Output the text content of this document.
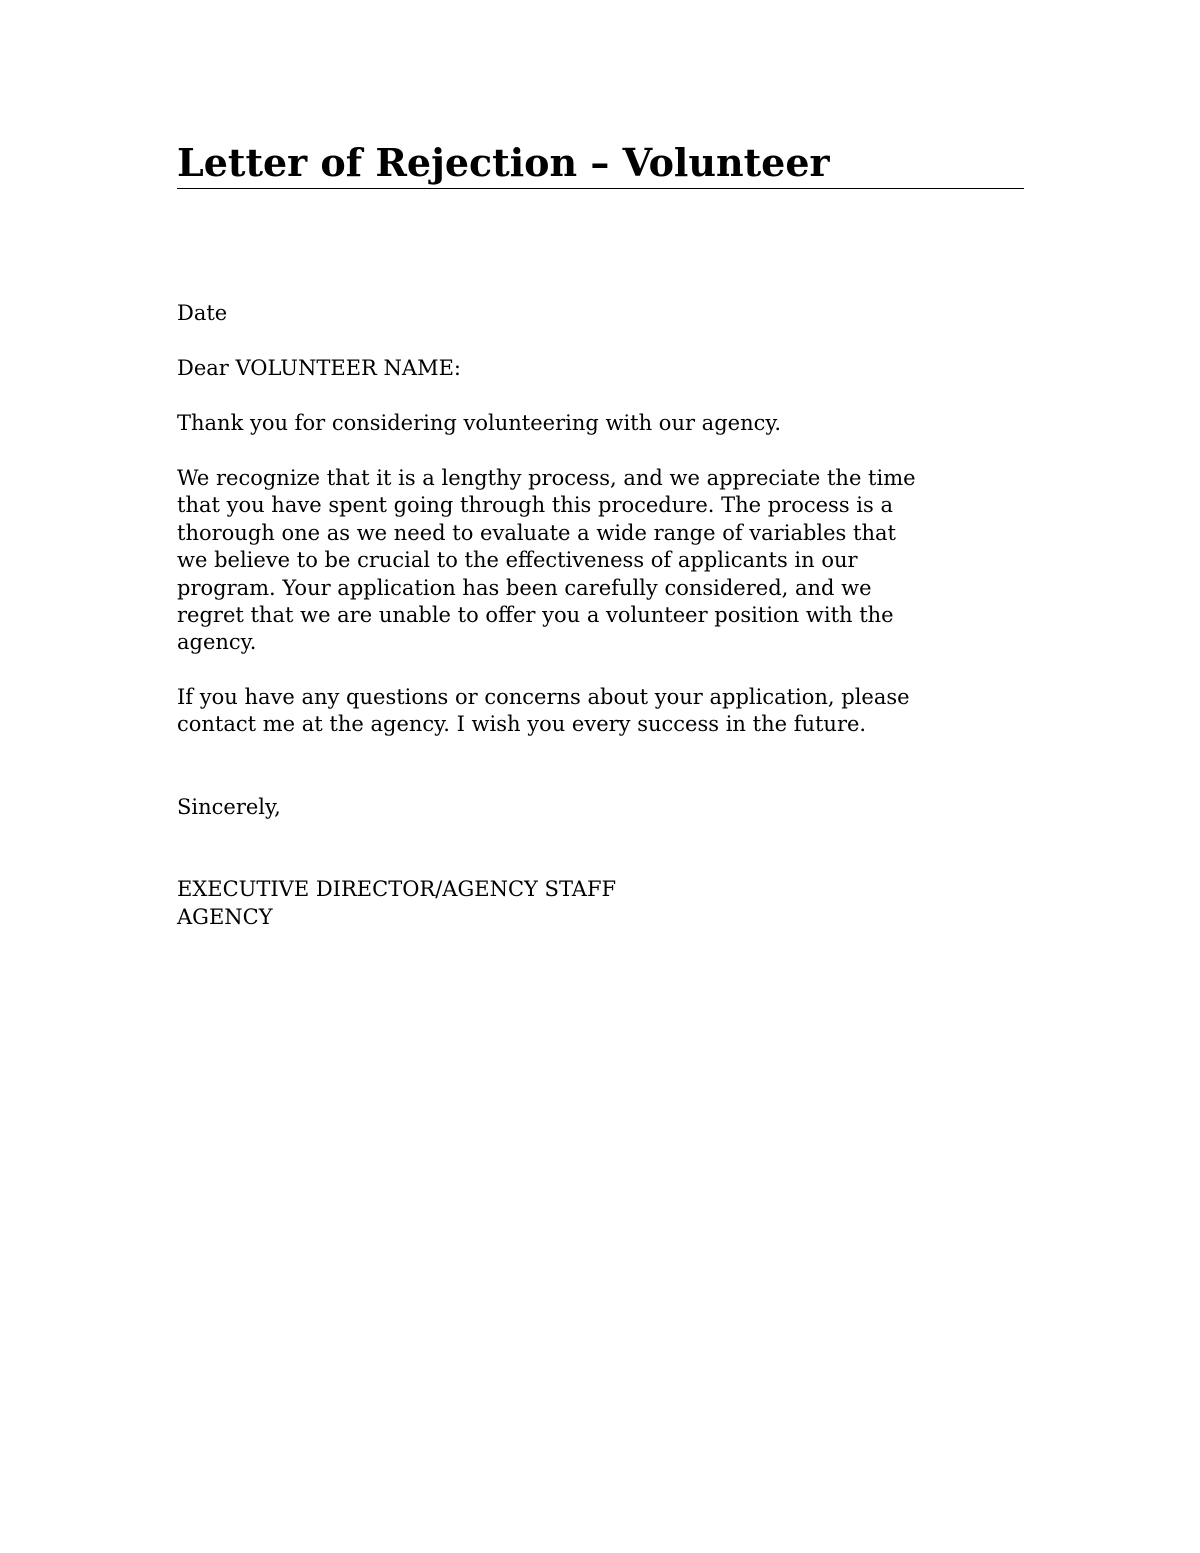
Letter of Rejection – Volunteer

Date

Dear VOLUNTEER NAME:

Thank you for considering volunteering with our agency.

We recognize that it is a lengthy process, and we appreciate the time
that you have spent going through this procedure. The process is a
thorough one as we need to evaluate a wide range of variables that
we believe to be crucial to the effectiveness of applicants in our
program. Your application has been carefully considered, and we
regret that we are unable to offer you a volunteer position with the
agency.
If you have any questions or concerns about your application, please
contact me at the agency. I wish you every success in the future.

Sincerely,

EXECUTIVE DIRECTOR/AGENCY STAFF

AGENCY
